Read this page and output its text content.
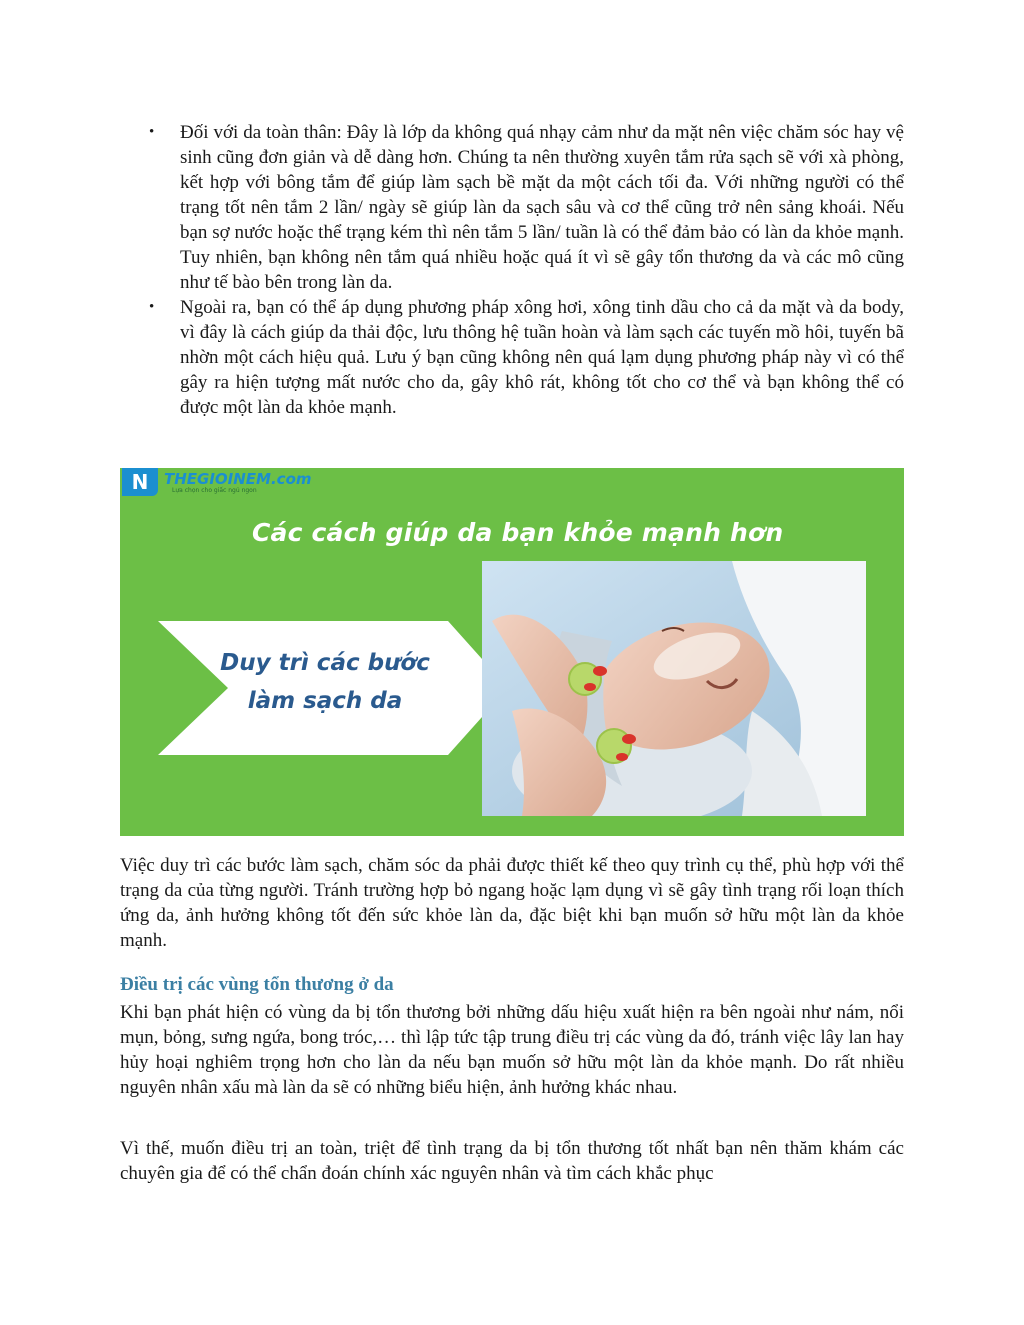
• Đối với da toàn thân: Đây là lớp da không quá nhạy cảm như da mặt nên việc chăm sóc hay vệ sinh cũng đơn giản và dễ dàng hơn. Chúng ta nên thường xuyên tắm rửa sạch sẽ với xà phòng, kết hợp với bông tắm để giúp làm sạch bề mặt da một cách tối đa. Với những người có thể trạng tốt nên tắm 2 lần/ ngày sẽ giúp làn da sạch sâu và cơ thể cũng trở nên sảng khoái. Nếu bạn sợ nước hoặc thể trạng kém thì nên tắm 5 lần/ tuần là có thể đảm bảo có làn da khỏe mạnh. Tuy nhiên, bạn không nên tắm quá nhiều hoặc quá ít vì sẽ gây tổn thương da và các mô cũng như tế bào bên trong làn da.
• Ngoài ra, bạn có thể áp dụng phương pháp xông hơi, xông tinh dầu cho cả da mặt và da body, vì đây là cách giúp da thải độc, lưu thông hệ tuần hoàn và làm sạch các tuyến mồ hôi, tuyến bã nhờn một cách hiệu quả. Lưu ý bạn cũng không nên quá lạm dụng phương pháp này vì có thể gây ra hiện tượng mất nước cho da, gây khô rát, không tốt cho cơ thể và bạn không thể có được một làn da khỏe mạnh.
N	THEGIOINEM.com
Lựa chọn cho giấc ngủ ngon
Các cách giúp da bạn khỏe mạnh hơn
Duy trì các bước
làm sạch da

Việc duy trì các bước làm sạch, chăm sóc da phải được thiết kế theo quy trình cụ thể, phù hợp với thể trạng da của từng người. Tránh trường hợp bỏ ngang hoặc lạm dụng vì sẽ gây tình trạng rối loạn thích ứng da, ảnh hưởng không tốt đến sức khỏe làn da, đặc biệt khi bạn muốn sở hữu một làn da khỏe mạnh.

Điều trị các vùng tổn thương ở da

Khi bạn phát hiện có vùng da bị tổn thương bởi những dấu hiệu xuất hiện ra bên ngoài như nám, nổi mụn, bỏng, sưng ngứa, bong tróc,… thì lập tức tập trung điều trị các vùng da đó, tránh việc lây lan hay hủy hoại nghiêm trọng hơn cho làn da nếu bạn muốn sở hữu một làn da khỏe mạnh. Do rất nhiều nguyên nhân xấu mà làn da sẽ có những biểu hiện, ảnh hưởng khác nhau.

Vì thế, muốn điều trị an toàn, triệt để tình trạng da bị tổn thương tốt nhất bạn nên thăm khám các chuyên gia để có thể chẩn đoán chính xác nguyên nhân và tìm cách khắc phục
